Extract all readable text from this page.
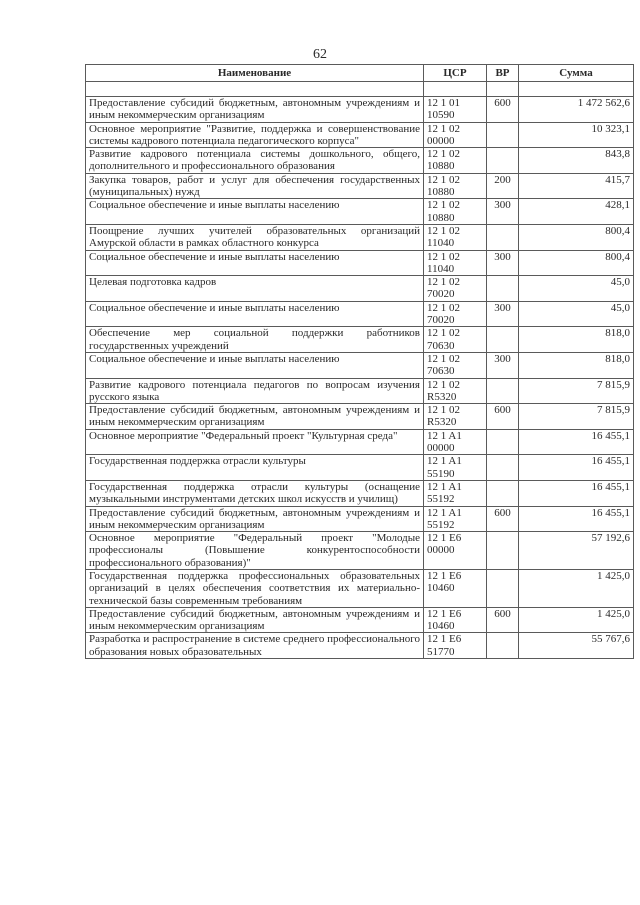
62
Наименование	ЦСР	ВР	Сумма

Предоставление субсидий бюджетным, автономным учреждениям и иным некоммерческим организациям	12 1 01 10590	600	1 472 562,6
Основное мероприятие "Развитие, поддержка и совершенствование системы кадрового потенциала педагогического корпуса"	12 1 02 00000		10 323,1
Развитие кадрового потенциала системы дошкольного, общего, дополнительного и профессионального образования	12 1 02 10880		843,8
Закупка товаров, работ и услуг для обеспечения государственных (муниципальных) нужд	12 1 02 10880	200	415,7
Социальное обеспечение и иные выплаты населению	12 1 02 10880	300	428,1
Поощрение лучших учителей образовательных организаций Амурской области в рамках областного конкурса	12 1 02 11040		800,4
Социальное обеспечение и иные выплаты населению	12 1 02 11040	300	800,4
Целевая подготовка кадров	12 1 02 70020		45,0
Социальное обеспечение и иные выплаты населению	12 1 02 70020	300	45,0
Обеспечение мер социальной поддержки работников государственных учреждений	12 1 02 70630		818,0
Социальное обеспечение и иные выплаты населению	12 1 02 70630	300	818,0
Развитие кадрового потенциала педагогов по вопросам изучения русского языка	12 1 02 R5320		7 815,9
Предоставление субсидий бюджетным, автономным учреждениям и иным некоммерческим организациям	12 1 02 R5320	600	7 815,9
Основное мероприятие "Федеральный проект "Культурная среда"	12 1 A1 00000		16 455,1
Государственная поддержка отрасли культуры	12 1 A1 55190		16 455,1
Государственная поддержка отрасли культуры (оснащение музыкальными инструментами детских школ искусств и училищ)	12 1 A1 55192		16 455,1
Предоставление субсидий бюджетным, автономным учреждениям и иным некоммерческим организациям	12 1 A1 55192	600	16 455,1
Основное мероприятие "Федеральный проект "Молодые профессионалы (Повышение конкурентоспособности профессионального образования)"	12 1 E6 00000		57 192,6
Государственная поддержка профессиональных образовательных организаций в целях обеспечения соответствия их материально-технической базы современным требованиям	12 1 E6 10460		1 425,0
Предоставление субсидий бюджетным, автономным учреждениям и иным некоммерческим организациям	12 1 E6 10460	600	1 425,0
Разработка и распространение в системе среднего профессионального образования новых образовательных	12 1 E6 51770		55 767,6
